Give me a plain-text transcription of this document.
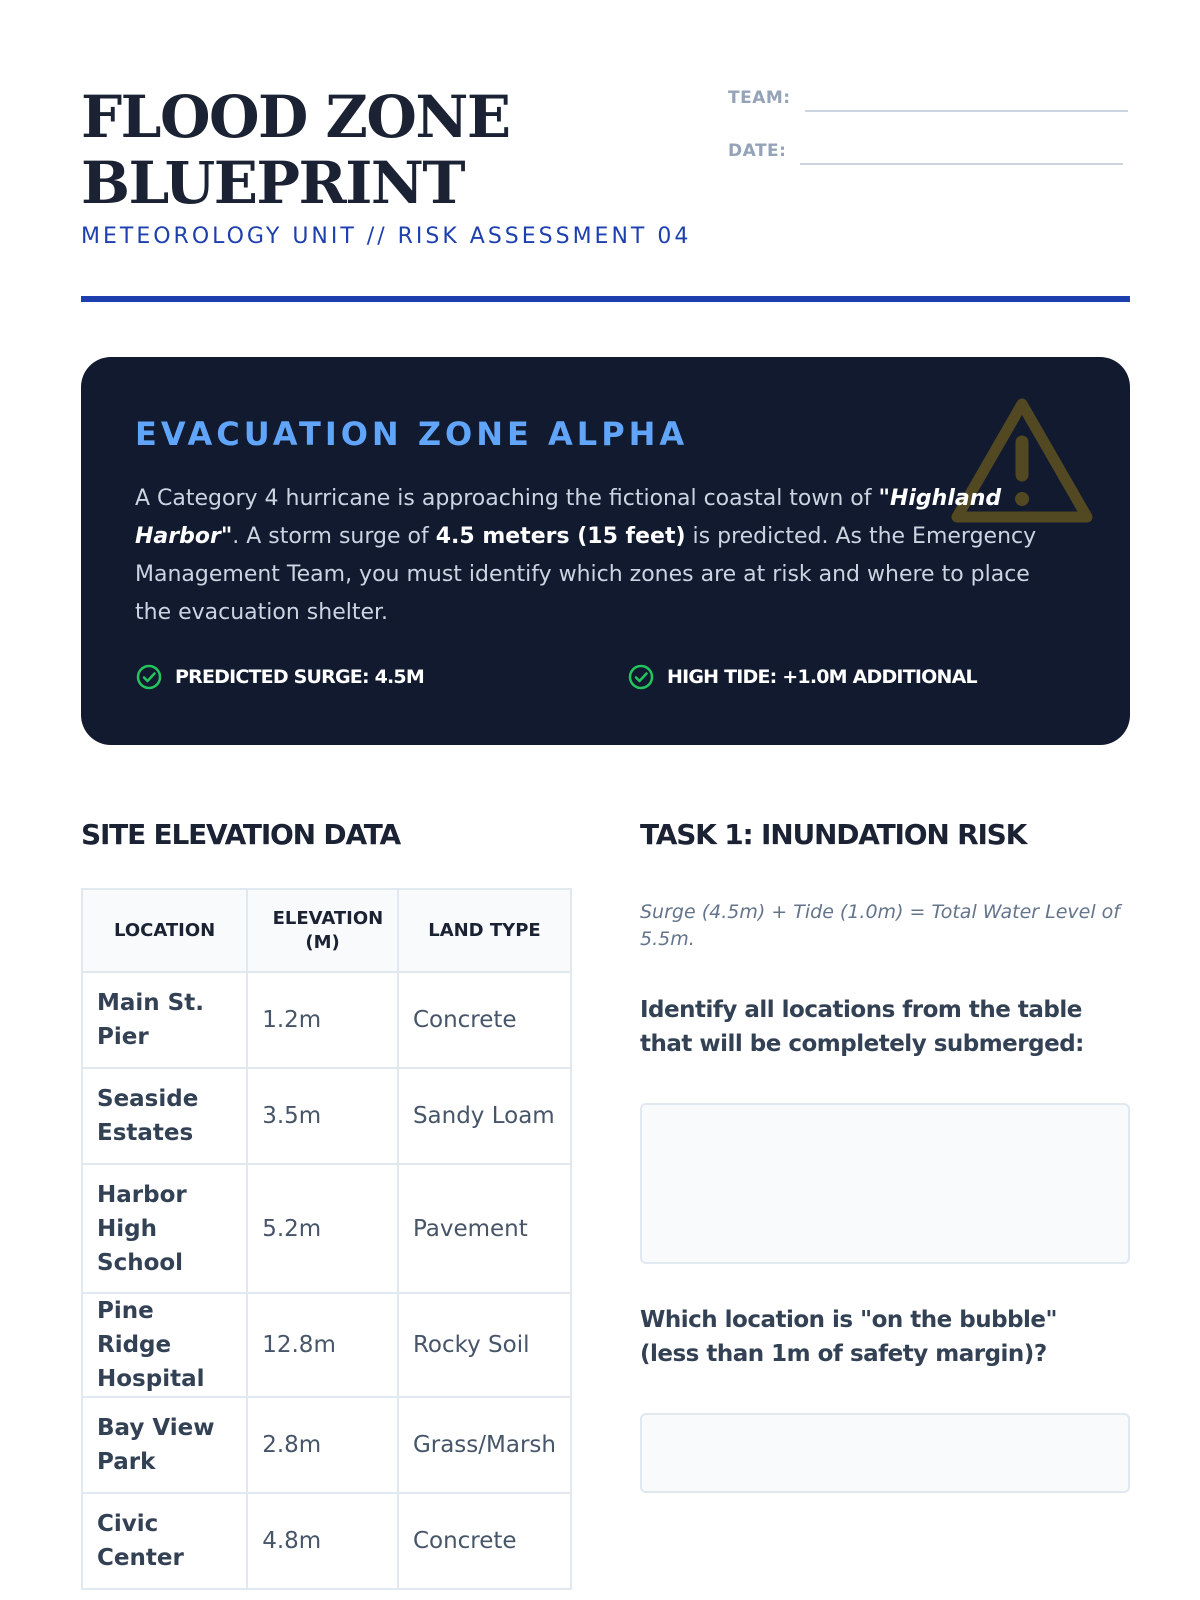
FLOOD ZONE
BLUEPRINT
METEOROLOGY UNIT // RISK ASSESSMENT 04
TEAM:
DATE:
EVACUATION ZONE ALPHA

A Category 4 hurricane is approaching the fictional coastal town of "Highland Harbor". A storm surge of 4.5 meters (15 feet) is predicted. As the Emergency Management Team, you must identify which zones are at risk and where to place the evacuation shelter.

PREDICTED SURGE: 4.5M	HIGH TIDE: +1.0M ADDITIONAL
SITE ELEVATION DATA
LOCATION	ELEVATION (M)	LAND TYPE
Main St. Pier	1.2m	Concrete
Seaside Estates	3.5m	Sandy Loam
Harbor High School	5.2m	Pavement
Pine Ridge Hospital	12.8m	Rocky Soil
Bay View Park	2.8m	Grass/Marsh
Civic Center	4.8m	Concrete
TASK 1: INUNDATION RISK
Surge (4.5m) + Tide (1.0m) = Total Water Level of 5.5m.
Identify all locations from the table that will be completely submerged:
Which location is "on the bubble" (less than 1m of safety margin)?
